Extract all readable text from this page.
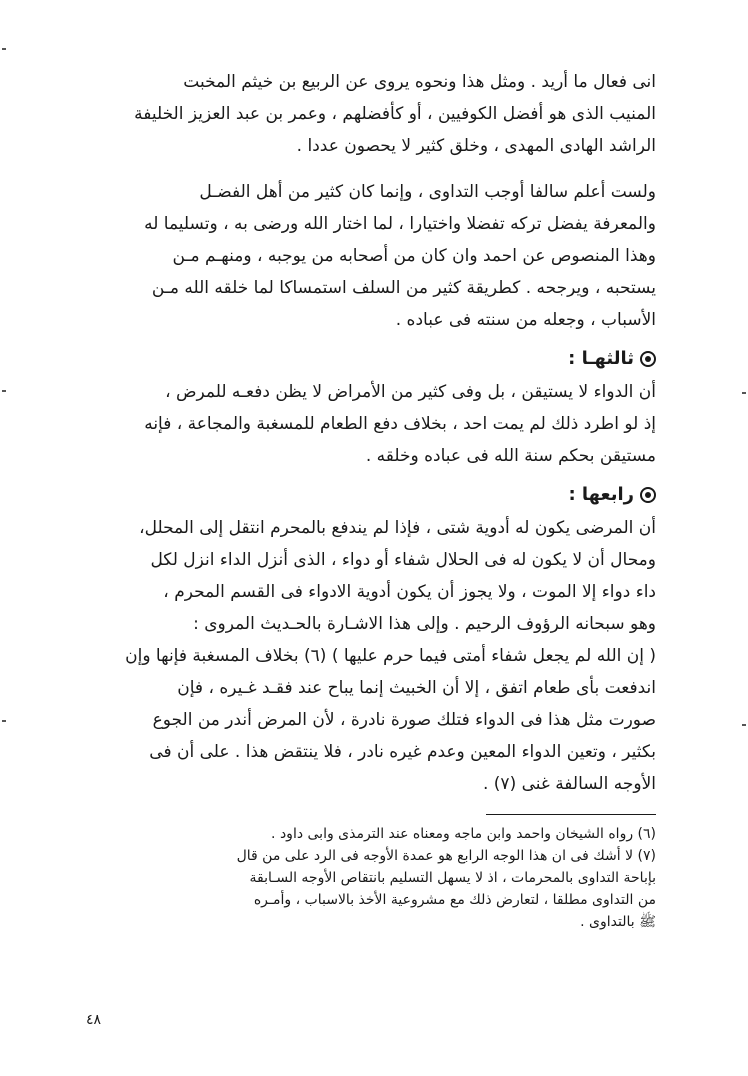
انى فعال ما أريد . ومثل هذا ونحوه يروى عن الربيع بن خيثم المخبت
المنيب الذى هو أفضل الكوفيين ، أو كأفضلهم ، وعمر بن عبد العزيز الخليفة
الراشد الهادى المهدى ، وخلق كثير لا يحصون عددا .
ولست أعلم سالفا أوجب التداوى ، وإنما كان كثير من أهل الفضـل
والمعرفة يفضل تركه تفضلا واختيارا ، لما اختار الله ورضى به ، وتسليما له
وهذا المنصوص عن احمد وان كان من أصحابه من يوجبه ، ومنهـم مـن
يستحبه ، ويرجحه . كطريقة كثير من السلف استمساكا لما خلقه الله مـن
الأسباب ، وجعله من سنته فى عباده .
ثالثهـا :
أن الدواء لا يستيقن ، بل وفى كثير من الأمراض لا يظن دفعـه للمرض ،
إذ لو اطرد ذلك لم يمت احد ، بخلاف دفع الطعام للمسغبة والمجاعة ، فإنه
مستيقن بحكم سنة الله فى عباده وخلقه .
رابعها :
أن المرضى يكون له أدوية شتى ، فإذا لم يندفع بالمحرم انتقل إلى المحلل،
ومحال أن لا يكون له فى الحلال شفاء أو دواء ، الذى أنزل الداء انزل لكل
داء دواء إلا الموت ، ولا يجوز أن يكون أدوية الادواء فى القسم المحرم ،
وهو سبحانه الرؤوف الرحيم . وإلى هذا الاشـارة بالحـديث المروى :
( إن الله لم يجعل شفاء أمتى فيما حرم عليها ) (٦) بخلاف المسغبة فإنها وإن
اندفعت بأى طعام اتفق ، إلا أن الخبيث إنما يباح عند فقـد غـيره ، فإن
صورت مثل هذا فى الدواء فتلك صورة نادرة ، لأن المرض أندر من الجوع
بكثير ، وتعين الدواء المعين وعدم غيره نادر ، فلا ينتقض هذا . على أن فى
الأوجه السالفة غنى (٧) .
(٦) رواه الشيخان واحمد وابن ماجه ومعناه عند الترمذى وابى داود .
(٧) لا أشك فى ان هذا الوجه الرابع هو عمدة الأوجه فى الرد على من قال
بإباحة التداوى بالمحرمات ، اذ لا يسهل التسليم بانتقاص الأوجه السـابقة
من التداوى مطلقا ، لتعارض ذلك مع مشروعية الأخذ بالاسباب ، وأمـره
ﷺ بالتداوى .
٤٨
